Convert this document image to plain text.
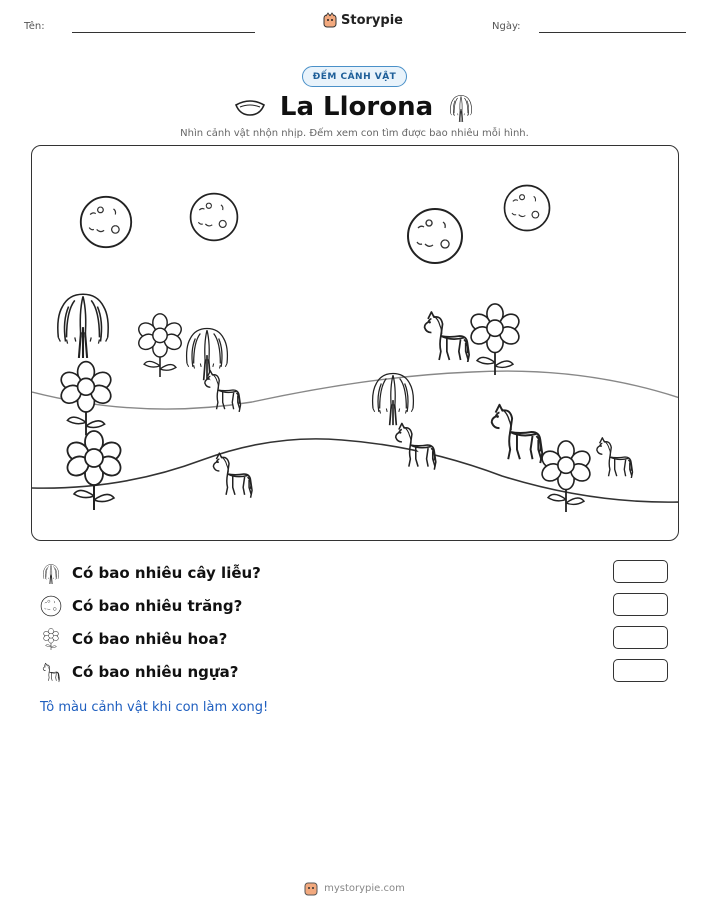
Tên:	Storypie	Ngày:
ĐẾM CẢNH VẬT
La Llorona
Nhìn cảnh vật nhộn nhịp. Đếm xem con tìm được bao nhiêu mỗi hình.
Có bao nhiêu cây liễu?
Có bao nhiêu trăng?
Có bao nhiêu hoa?
Có bao nhiêu ngựa?
Tô màu cảnh vật khi con làm xong!
mystorypie.com
